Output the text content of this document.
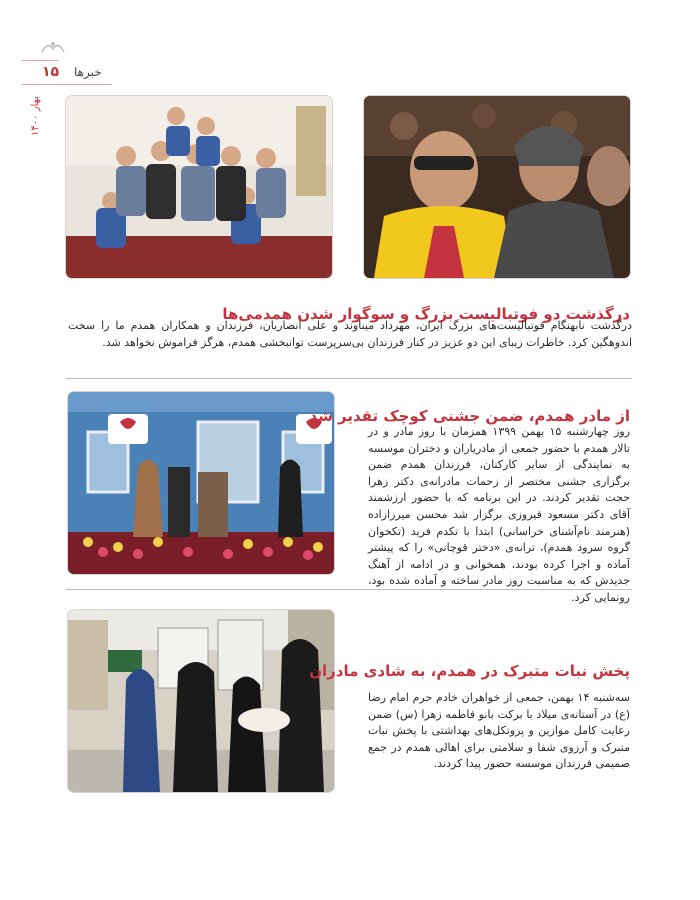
۱۵ خبرها
بهار ۱۴۰۰
درگذشت دو فوتبالیست بزرگ و سوگوار شدن همدمی‌ها

درگذشت نابهنگام فوتبالیست‌های بزرگ ایران، مهرداد میناوند و علی انصاریان، فرزندان و همکاران همدم ما را سخت اندوهگین کرد. خاطرات زیبای این دو عزیز در کنار فرزندان بی‌سرپرست توانبخشی همدم، هرگز فراموش نخواهد شد.

از مادر همدم، ضمن جشنی کوچک تقدیر شد

روز چهارشنبه ۱۵ بهمن ۱۳۹۹ همزمان با روز مادر و در تالار همدم با حضور جمعی از مادریاران و دختران موسسه به نمایندگی از سایر کارکنان، فرزندان همدم ضمن برگزاری جشنی مختصر از زحمات مادرانه‌ی دکتر زهرا حجت تقدیر کردند. در این برنامه که با حضور ارزشمند آقای دکتر مسعود فیروزی برگزار شد محسن میرزازاده (هنرمند نام‌آشنای خراسانی) ابتدا با تکدم فرید (تکخوان گروه سرود همدم)، ترانه‌ی «دختر قوچانی» را که پیشتر آماده و اجرا کرده بودند، همخوانی و در ادامه از آهنگ جدیدش که به مناسبت روز مادر ساخته و آماده شده بود، رونمایی کرد.

پخش نبات متبرک در همدم، به شادی مادران

سه‌شنبه ۱۴ بهمن، جمعی از خواهران خادم حرم امام رضا (ع) در آستانه‌ی میلاد با برکت بانو فاطمه زهرا (س) ضمن رعایت کامل موازین و پروتکل‌های بهداشتی با پخش نبات متبرک و آرزوی شفا و سلامتی برای اهالی همدم در جمع صمیمی فرزندان موسسه حضور پیدا کردند.
